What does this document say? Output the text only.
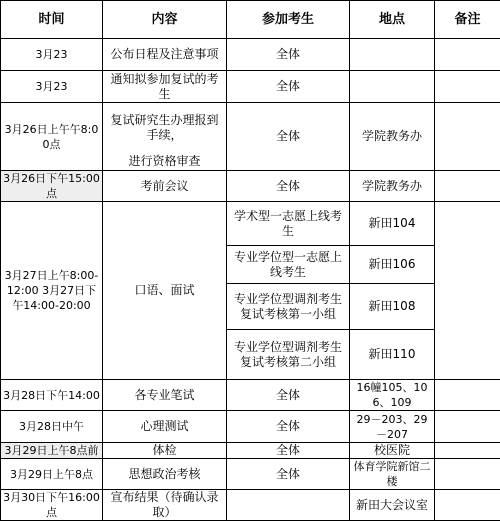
时间	内容	参加考生	地点	备注
3月23	公布日程及注意事项	全体		
3月23	通知拟参加复试的考生	全体		
3月26日上午午8:00点	复试研究生办理报到手续，	全体	学院教务办	
	进行资格审查			
3月26日下午15:00点	考前会议	全体	学院教务办	
3月27日上午8:00-12:00 3月27日下午14:00-20:00	口语、面试	学术型一志愿上线考生	新田104	
		专业学位型一志愿上线考生	新田106	
		专业学位型调剂考生复试考核第一小组	新田108	
		专业学位型调剂考生复试考核第二小组	新田110	
3月28日下午14:00	各专业笔试	全体	16幢105、106、109	
3月28日中午	心理测试	全体	29－203、29－207	
3月29日上午8点前	体检	全体	校医院	
3月29日上午8点	思想政治考核	全体	体育学院新馆二楼	
3月30日下午16:00点	宣布结果（待确认录取）		新田大会议室	
